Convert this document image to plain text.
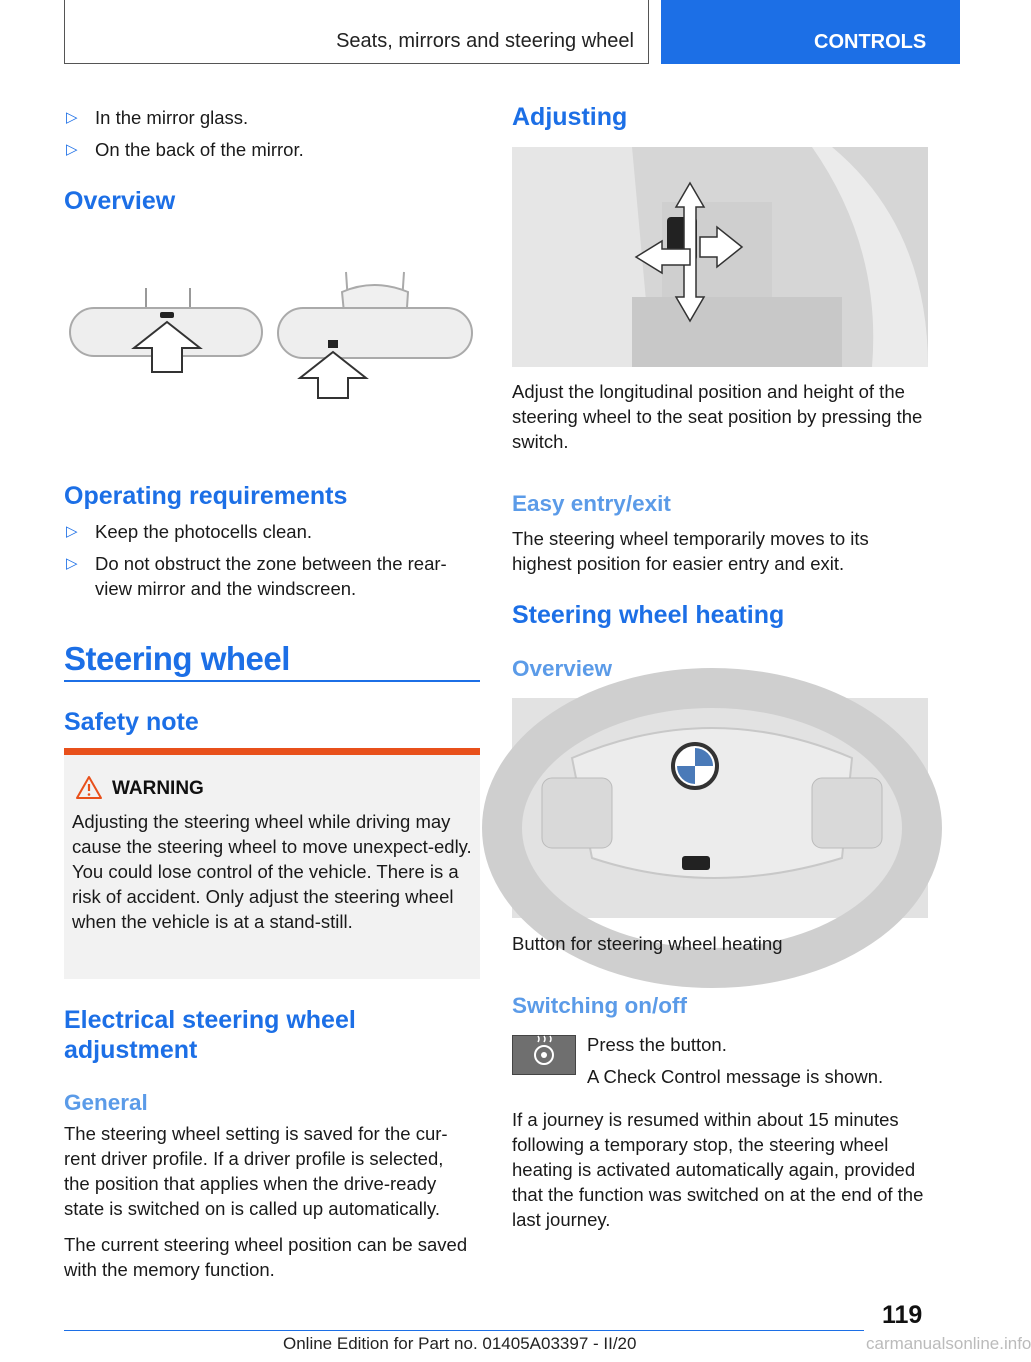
Seats, mirrors and steering wheel	CONTROLS
▷ In the mirror glass.
▷ On the back of the mirror.
Overview
Operating requirements
▷ Keep the photocells clean.
▷ Do not obstruct the zone between the rear-view mirror and the windscreen.
Steering wheel
Safety note
WARNING
Adjusting the steering wheel while driving may cause the steering wheel to move unexpect-edly. You could lose control of the vehicle. There is a risk of accident. Only adjust the steering wheel when the vehicle is at a stand-still.
Electrical steering wheel adjustment
General
The steering wheel setting is saved for the cur-rent driver profile. If a driver profile is selected, the position that applies when the drive-ready state is switched on is called up automatically.
The current steering wheel position can be saved with the memory function.
Adjusting
Adjust the longitudinal position and height of the steering wheel to the seat position by pressing the switch.
Easy entry/exit
The steering wheel temporarily moves to its highest position for easier entry and exit.
Steering wheel heating
Overview
Button for steering wheel heating
Switching on/off
Press the button.
A Check Control message is shown.
If a journey is resumed within about 15 minutes following a temporary stop, the steering wheel heating is activated automatically again, provided that the function was switched on at the end of the last journey.
119
Online Edition for Part no. 01405A03397 - II/20	carmanualsonline.info
